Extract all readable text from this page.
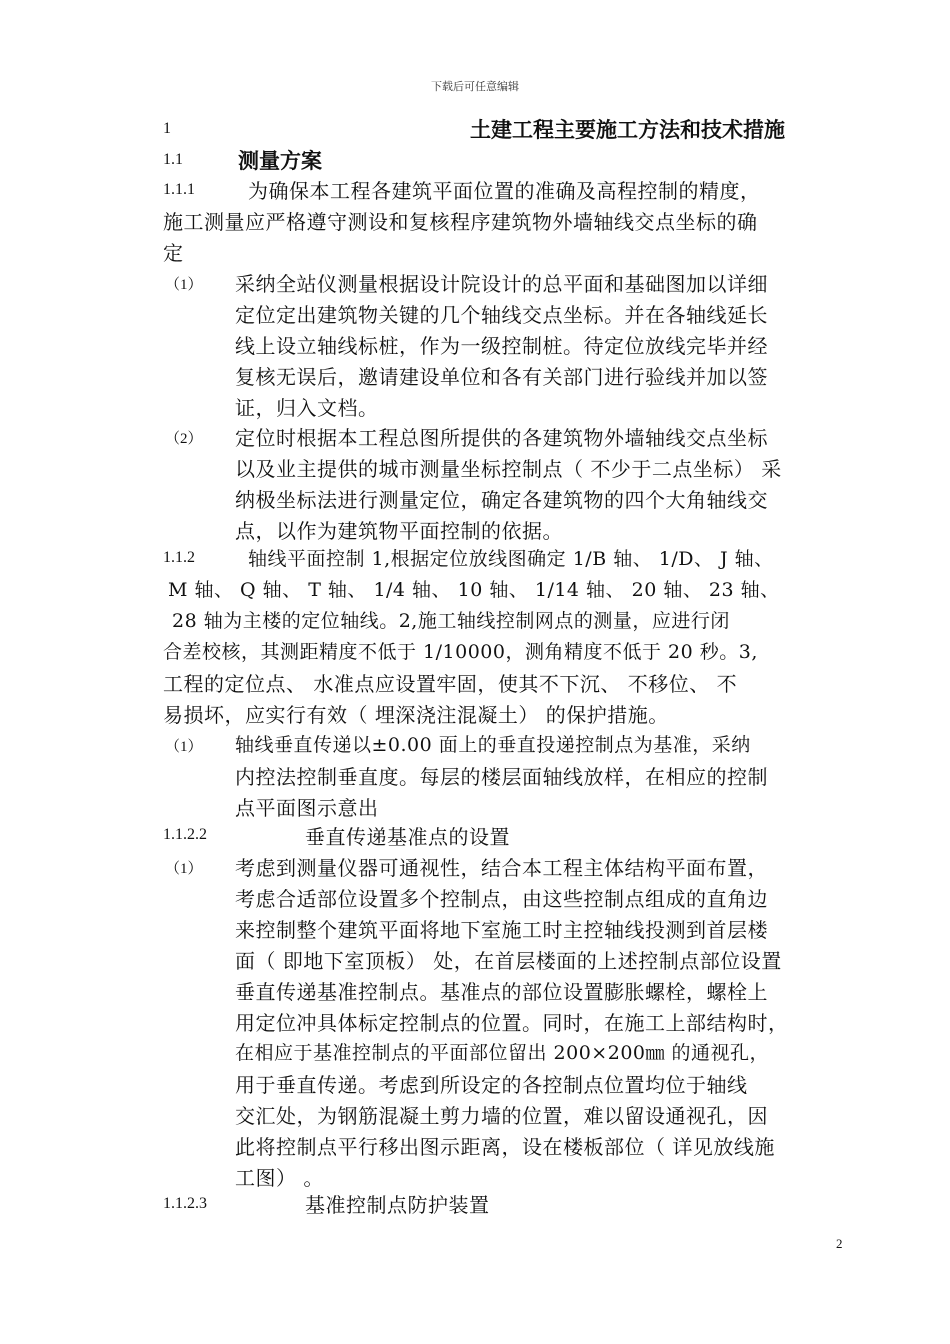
下载后可任意编辑
1	土建工程主要施工方法和技术措施
1.1	测量方案
1.1.1	为确保本工程各建筑平面位置的准确及高程控制的精度，
施工测量应严格遵守测设和复核程序建筑物外墙轴线交点坐标的确
定
（1） 采纳全站仪测量根据设计院设计的总平面和基础图加以详细
定位定出建筑物关键的几个轴线交点坐标。并在各轴线延长
线上设立轴线标桩，作为一级控制桩。待定位放线完毕并经
复核无误后，邀请建设单位和各有关部门进行验线并加以签
证，归入文档。
（2） 定位时根据本工程总图所提供的各建筑物外墙轴线交点坐标
以及业主提供的城市测量坐标控制点（ 不少于二点坐标） 采
纳极坐标法进行测量定位，确定各建筑物的四个大角轴线交
点，以作为建筑物平面控制的依据。
1.1.2	轴线平面控制 1,根据定位放线图确定 1/B 轴、 1/D、 J 轴、
M 轴、 Q 轴、 T 轴、 1/4 轴、 10 轴、 1/14 轴、 20 轴、 23 轴、
28 轴为主楼的定位轴线。2,施工轴线控制网点的测量，应进行闭
合差校核，其测距精度不低于 1/10000，测角精度不低于 20 秒。3,
工程的定位点、 水准点应设置牢固，使其不下沉、 不移位、 不
易损坏，应实行有效（ 埋深浇注混凝土） 的保护措施。
（1） 轴线垂直传递以±0.00 面上的垂直投递控制点为基准，采纳
内控法控制垂直度。每层的楼层面轴线放样，在相应的控制
点平面图示意出
1.1.2.2	垂直传递基准点的设置
（1） 考虑到测量仪器可通视性，结合本工程主体结构平面布置，
考虑合适部位设置多个控制点，由这些控制点组成的直角边
来控制整个建筑平面将地下室施工时主控轴线投测到首层楼
面（ 即地下室顶板） 处，在首层楼面的上述控制点部位设置
垂直传递基准控制点。基准点的部位设置膨胀螺栓，螺栓上
用定位冲具体标定控制点的位置。同时，在施工上部结构时，
在相应于基准控制点的平面部位留出 200×200㎜ 的通视孔，
用于垂直传递。考虑到所设定的各控制点位置均位于轴线
交汇处，为钢筋混凝土剪力墙的位置，难以留设通视孔，因
此将控制点平行移出图示距离，设在楼板部位（ 详见放线施
工图） 。
1.1.2.3	基准控制点防护装置
2
